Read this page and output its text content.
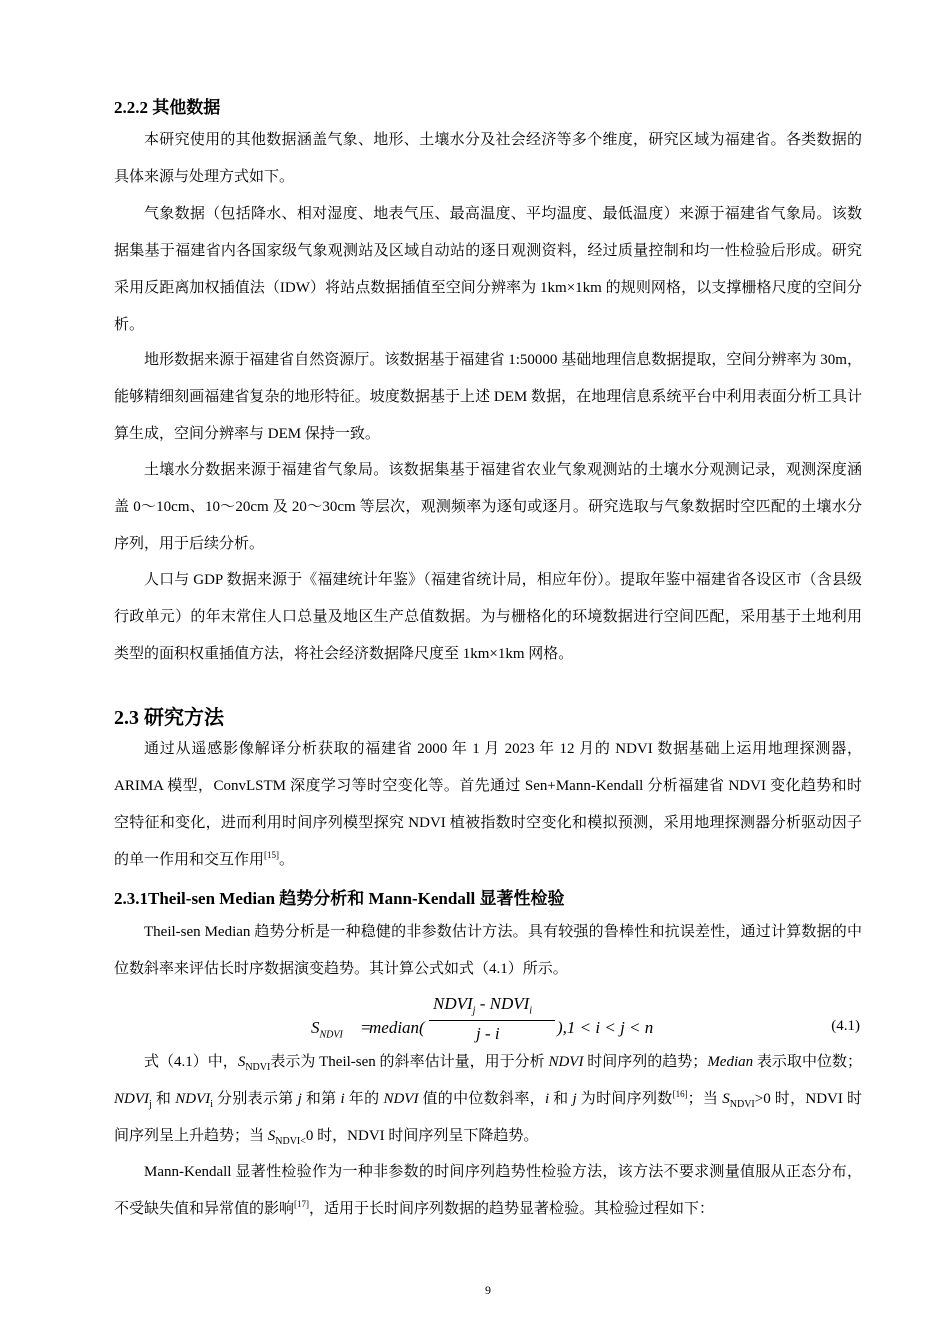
2.2.2 其他数据
本研究使用的其他数据涵盖气象、地形、土壤水分及社会经济等多个维度，研究区域为福建省。各类数据的具体来源与处理方式如下。
气象数据（包括降水、相对湿度、地表气压、最高温度、平均温度、最低温度）来源于福建省气象局。该数据集基于福建省内各国家级气象观测站及区域自动站的逐日观测资料，经过质量控制和均一性检验后形成。研究采用反距离加权插值法（IDW）将站点数据插值至空间分辨率为 1km×1km 的规则网格，以支撑栅格尺度的空间分析。
地形数据来源于福建省自然资源厅。该数据基于福建省 1:50000 基础地理信息数据提取，空间分辨率为 30m，能够精细刻画福建省复杂的地形特征。坡度数据基于上述 DEM 数据，在地理信息系统平台中利用表面分析工具计算生成，空间分辨率与 DEM 保持一致。
土壤水分数据来源于福建省气象局。该数据集基于福建省农业气象观测站的土壤水分观测记录，观测深度涵盖 0～10cm、10～20cm 及 20～30cm 等层次，观测频率为逐旬或逐月。研究选取与气象数据时空匹配的土壤水分序列，用于后续分析。
人口与 GDP 数据来源于《福建统计年鉴》（福建省统计局，相应年份）。提取年鉴中福建省各设区市（含县级行政单元）的年末常住人口总量及地区生产总值数据。为与栅格化的环境数据进行空间匹配，采用基于土地利用类型的面积权重插值方法，将社会经济数据降尺度至 1km×1km 网格。
2.3 研究方法
通过从遥感影像解译分析获取的福建省 2000 年 1 月 2023 年 12 月的 NDVI 数据基础上运用地理探测器，ARIMA 模型，ConvLSTM 深度学习等时空变化等。首先通过 Sen+Mann-Kendall 分析福建省 NDVI 变化趋势和时空特征和变化，进而利用时间序列模型探究 NDVI 植被指数时空变化和模拟预测，采用地理探测器分析驱动因子的单一作用和交互作用[15]。
2.3.1Theil-sen Median 趋势分析和 Mann-Kendall 显著性检验
Theil-sen Median 趋势分析是一种稳健的非参数估计方法。具有较强的鲁棒性和抗误差性，通过计算数据的中位数斜率来评估长时序数据演变趋势。其计算公式如式（4.1）所示。
$S_{NDVI}$ =
median(
$NDVI_j$ - $NDVI_i$
j - i	),1 < i < j < n	(4.1)
式（4.1）中，$S_{NDVI}$表示为 Theil-sen 的斜率估计量，用于分析 NDVI 时间序列的趋势；Median 表示取中位数；$NDVI_j$ 和 $NDVI_i$ 分别表示第 j 和第 i 年的 NDVI 值的中位数斜率，i 和 j 为时间序列数[16]；当 $S_{NDVI}>0$ 时，NDVI 时间序列呈上升趋势；当 $S_{NDVI<}0$ 时，NDVI 时间序列呈下降趋势。
Mann-Kendall 显著性检验作为一种非参数的时间序列趋势性检验方法，该方法不要求测量值服从正态分布，不受缺失值和异常值的影响[17]，适用于长时间序列数据的趋势显著检验。其检验过程如下：
9
